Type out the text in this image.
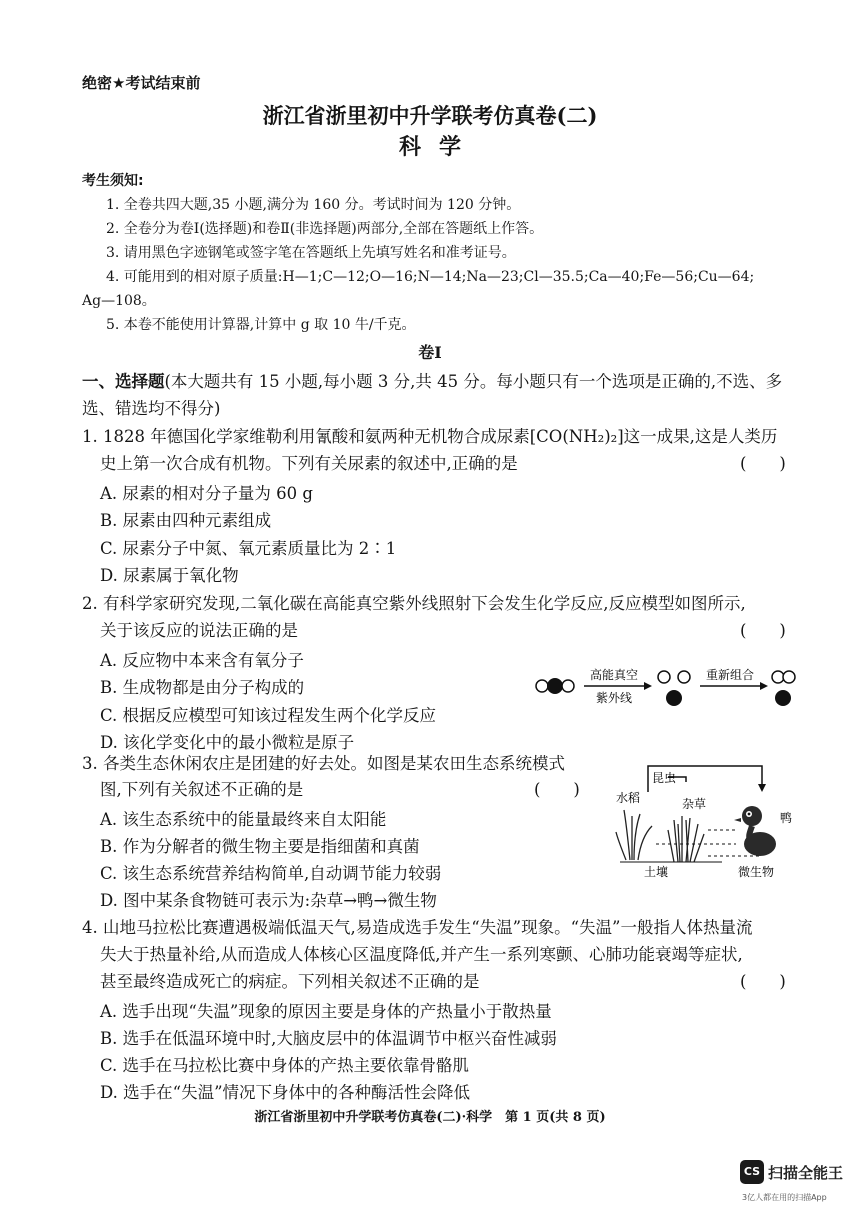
绝密★考试结束前
浙江省浙里初中升学联考仿真卷(二)
科学
考生须知:
1. 全卷共四大题,35 小题,满分为 160 分。考试时间为 120 分钟。
2. 全卷分为卷Ⅰ(选择题)和卷Ⅱ(非选择题)两部分,全部在答题纸上作答。
3. 请用黑色字迹钢笔或签字笔在答题纸上先填写姓名和准考证号。
4. 可能用到的相对原子质量:H—1;C—12;O—16;N—14;Na—23;Cl—35.5;Ca—40;Fe—56;Cu—64;
Ag—108。
5. 本卷不能使用计算器,计算中 g 取 10 牛/千克。
卷Ⅰ
一、选择题(本大题共有 15 小题,每小题 3 分,共 45 分。每小题只有一个选项是正确的,不选、多
选、错选均不得分)
1. 1828 年德国化学家维勒利用氰酸和氨两种无机物合成尿素[CO(NH₂)₂]这一成果,这是人类历
史上第一次合成有机物。下列有关尿素的叙述中,正确的是	(　　)
A. 尿素的相对分子量为 60 g
B. 尿素由四种元素组成
C. 尿素分子中氮、氧元素质量比为 2∶1
D. 尿素属于氧化物
2. 有科学家研究发现,二氧化碳在高能真空紫外线照射下会发生化学反应,反应模型如图所示,
关于该反应的说法正确的是	(　　)
A. 反应物中本来含有氧分子
B. 生成物都是由分子构成的
C. 根据反应模型可知该过程发生两个化学反应
D. 该化学变化中的最小微粒是原子
高能真空
紫外线
重新组合
3. 各类生态休闲农庄是团建的好去处。如图是某农田生态系统模式
图,下列有关叙述不正确的是	(　　)
A. 该生态系统中的能量最终来自太阳能
B. 作为分解者的微生物主要是指细菌和真菌
C. 该生态系统营养结构简单,自动调节能力较弱
D. 图中某条食物链可表示为:杂草→鸭→微生物
昆虫
水稻	杂草
鸭
土壤	微生物
4. 山地马拉松比赛遭遇极端低温天气,易造成选手发生“失温”现象。“失温”一般指人体热量流
失大于热量补给,从而造成人体核心区温度降低,并产生一系列寒颤、心肺功能衰竭等症状,
甚至最终造成死亡的病症。下列相关叙述不正确的是	(　　)
A. 选手出现“失温”现象的原因主要是身体的产热量小于散热量
B. 选手在低温环境中时,大脑皮层中的体温调节中枢兴奋性减弱
C. 选手在马拉松比赛中身体的产热主要依靠骨骼肌
D. 选手在“失温”情况下身体中的各种酶活性会降低
浙江省浙里初中升学联考仿真卷(二)·科学　第 1 页(共 8 页)
CS 扫描全能王
3亿人都在用的扫描App
